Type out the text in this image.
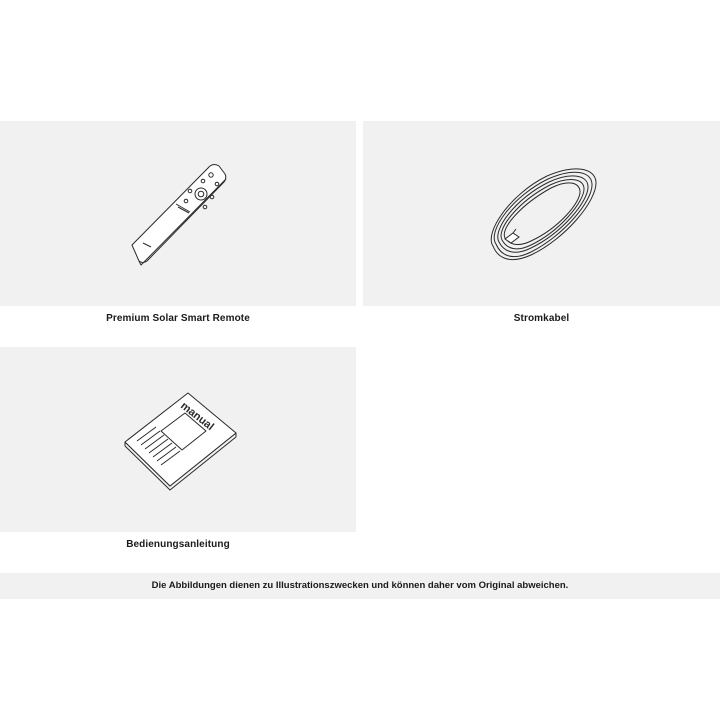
Premium Solar Smart Remote	Stromkabel
manual
Bedienungsanleitung
Die Abbildungen dienen zu Illustrationszwecken und können daher vom Original abweichen.
